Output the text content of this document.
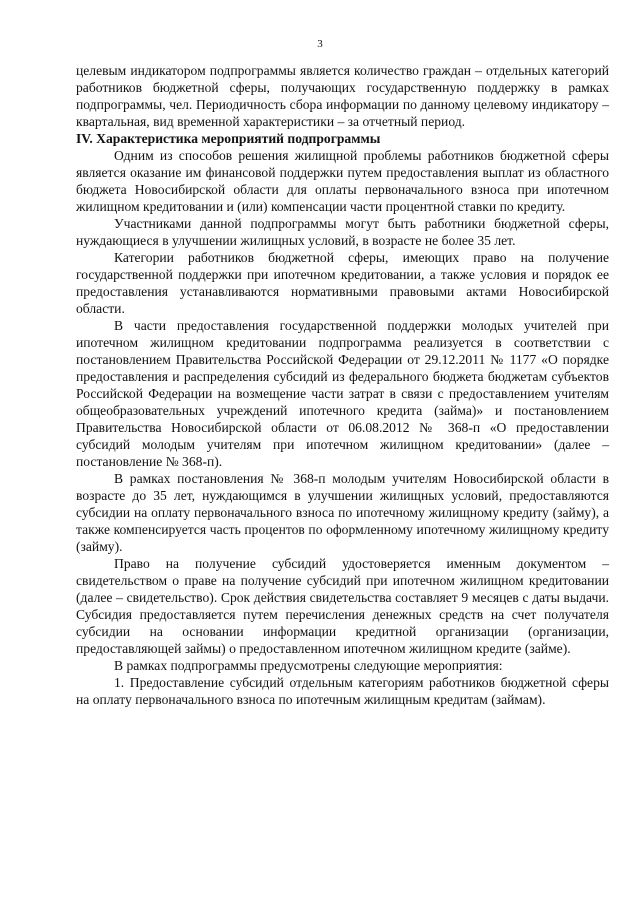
3

целевым индикатором подпрограммы является количество граждан – отдельных категорий работников бюджетной сферы, получающих государственную поддержку в рамках подпрограммы, чел. Периодичность сбора информации по данному целевому индикатору – квартальная, вид временной характеристики – за отчетный период.

IV. Характеристика мероприятий подпрограммы

Одним из способов решения жилищной проблемы работников бюджетной сферы является оказание им финансовой поддержки путем предоставления выплат из областного бюджета Новосибирской области для оплаты первоначального взноса при ипотечном жилищном кредитовании и (или) компенсации части процентной ставки по кредиту.

Участниками данной подпрограммы могут быть работники бюджетной сферы, нуждающиеся в улучшении жилищных условий, в возрасте не более 35 лет.

Категории работников бюджетной сферы, имеющих право на получение государственной поддержки при ипотечном кредитовании, а также условия и порядок ее предоставления устанавливаются нормативными правовыми актами Новосибирской области.

В части предоставления государственной поддержки молодых учителей при ипотечном жилищном кредитовании подпрограмма реализуется в соответствии с постановлением Правительства Российской Федерации от 29.12.2011 № 1177 «О порядке предоставления и распределения субсидий из федерального бюджета бюджетам субъектов Российской Федерации на возмещение части затрат в связи с предоставлением учителям общеобразовательных учреждений ипотечного кредита (займа)» и постановлением Правительства Новосибирской области от 06.08.2012 № 368-п «О предоставлении субсидий молодым учителям при ипотечном жилищном кредитовании» (далее – постановление № 368-п).

В рамках постановления № 368-п молодым учителям Новосибирской области в возрасте до 35 лет, нуждающимся в улучшении жилищных условий, предоставляются субсидии на оплату первоначального взноса по ипотечному жилищному кредиту (займу), а также компенсируется часть процентов по оформленному ипотечному жилищному кредиту (займу).

Право на получение субсидий удостоверяется именным документом – свидетельством о праве на получение субсидий при ипотечном жилищном кредитовании (далее – свидетельство). Срок действия свидетельства составляет 9 месяцев с даты выдачи. Субсидия предоставляется путем перечисления денежных средств на счет получателя субсидии на основании информации кредитной организации (организации, предоставляющей займы) о предоставленном ипотечном жилищном кредите (займе).

В рамках подпрограммы предусмотрены следующие мероприятия:

1. Предоставление субсидий отдельным категориям работников бюджетной сферы на оплату первоначального взноса по ипотечным жилищным кредитам (займам).
